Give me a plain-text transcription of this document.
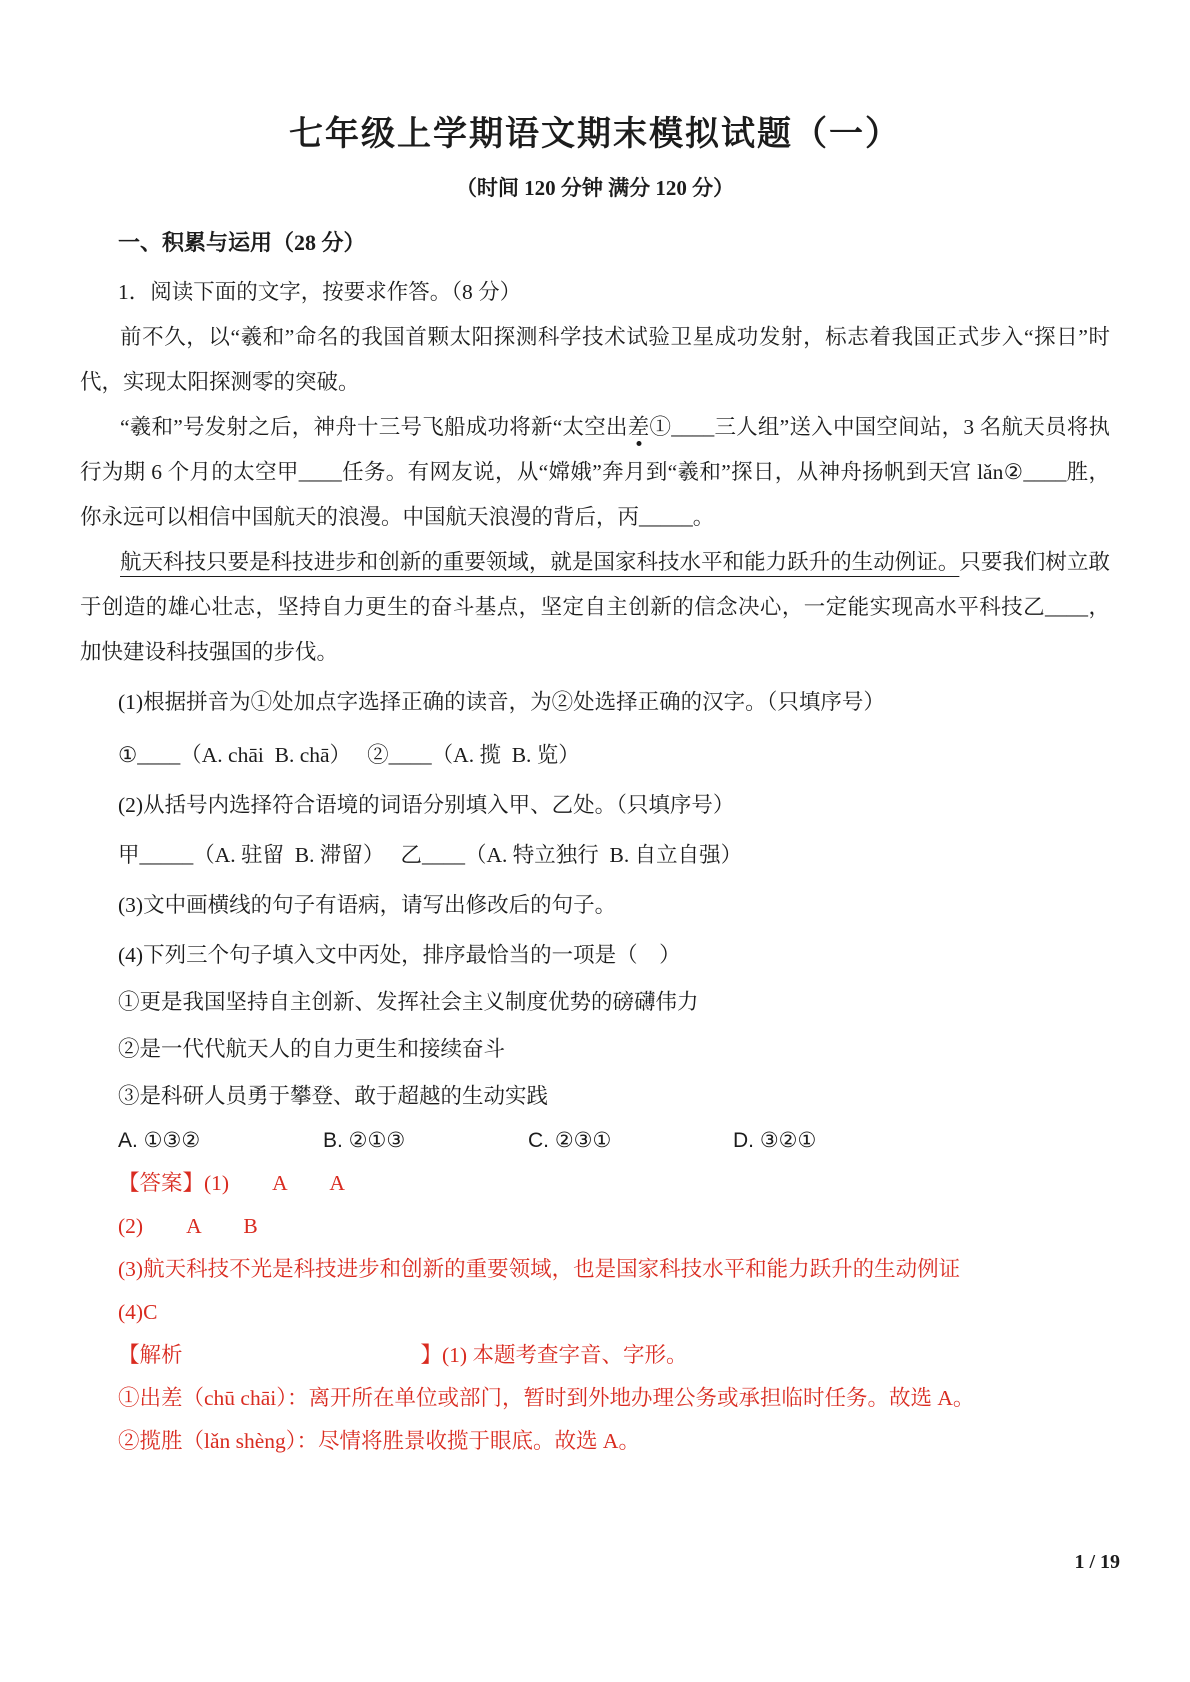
七年级上学期语文期末模拟试题（一）

（时间 120 分钟 满分 120 分）

一、积累与运用（28 分）

1．阅读下面的文字，按要求作答。（8 分）

前不久，以“羲和”命名的我国首颗太阳探测科学技术试验卫星成功发射，标志着我国正式步入“探日”时代，实现太阳探测零的突破。

“羲和”号发射之后，神舟十三号飞船成功将新“太空出差①____三人组”送入中国空间站，3 名航天员将执行为期 6 个月的太空甲____任务。有网友说，从“嫦娥”奔月到“羲和”探日，从神舟扬帆到天宫 lǎn②____胜，你永远可以相信中国航天的浪漫。中国航天浪漫的背后，丙_____。

航天科技只要是科技进步和创新的重要领域，就是国家科技水平和能力跃升的生动例证。只要我们树立敢于创造的雄心壮志，坚持自力更生的奋斗基点，坚定自主创新的信念决心，一定能实现高水平科技乙____，加快建设科技强国的步伐。

(1)根据拼音为①处加点字选择正确的读音，为②处选择正确的汉字。（只填序号）

①____（A. chāi  B. chā）　 ②____（A. 揽  B. 览）

(2)从括号内选择符合语境的词语分别填入甲、乙处。（只填序号）

甲_____（A. 驻留  B. 滞留）　 乙____（A. 特立独行  B. 自立自强）

(3)文中画横线的句子有语病，请写出修改后的句子。

(4)下列三个句子填入文中丙处，排序最恰当的一项是（　）

①更是我国坚持自主创新、发挥社会主义制度优势的磅礴伟力

②是一代代航天人的自力更生和接续奋斗

③是科研人员勇于攀登、敢于超越的生动实践

A. ①③②	B. ②①③	C. ②③①	D. ③②①

【答案】(1)　　A　　A

(2)　　A　　B

(3)航天科技不光是科技进步和创新的重要领域，也是国家科技水平和能力跃升的生动例证

(4)C

【解析	】(1) 本题考查字音、字形。

①出差（chū chāi）：离开所在单位或部门，暂时到外地办理公务或承担临时任务。故选 A。

②揽胜（lǎn shèng）：尽情将胜景收揽于眼底。故选 A。

1 / 19
